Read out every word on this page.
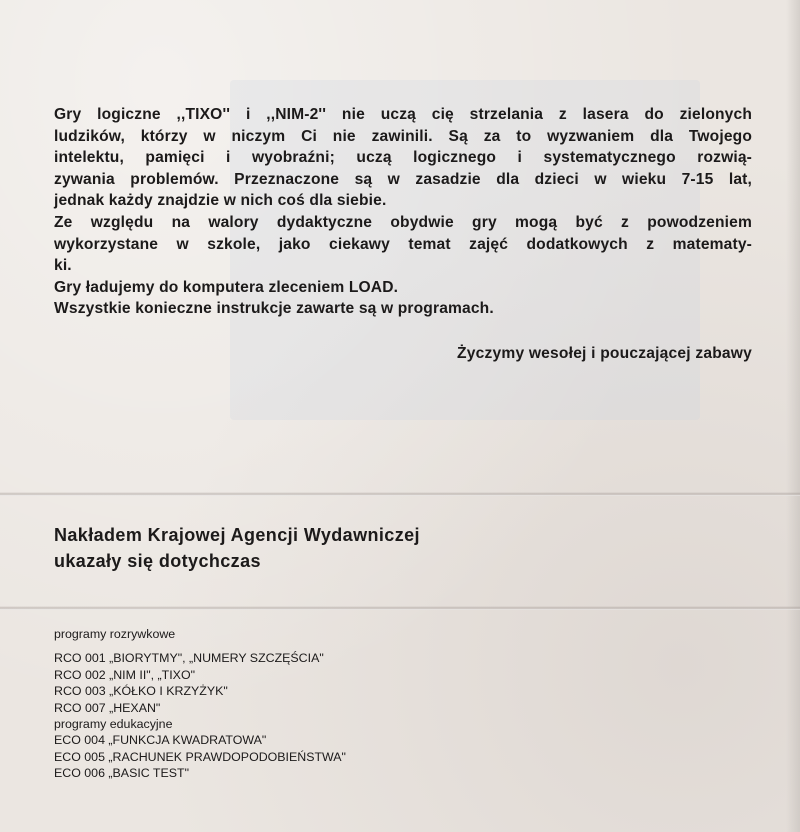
Gry logiczne ,,TIXO'' i ,,NIM-2'' nie uczą cię strzelania z lasera do zielonych

ludzików, którzy w niczym Ci nie zawinili. Są za to wyzwaniem dla Twojego

intelektu, pamięci i wyobraźni; uczą logicznego i systematycznego rozwią-

zywania problemów. Przeznaczone są w zasadzie dla dzieci w wieku 7-15 lat,

jednak każdy znajdzie w nich coś dla siebie.

Ze względu na walory dydaktyczne obydwie gry mogą być z powodzeniem

wykorzystane w szkole, jako ciekawy temat zajęć dodatkowych z matematy-

ki.

Gry ładujemy do komputera zleceniem LOAD.

Wszystkie konieczne instrukcje zawarte są w programach.

Życzymy wesołej i pouczającej zabawy
Nakładem Krajowej Agencji Wydawniczej
ukazały się dotychczas
programy rozrywkowe
RCO 001 „BIORYTMY", „NUMERY SZCZĘŚCIA"
RCO 002 „NIM II", „TIXO"
RCO 003 „KÓŁKO I KRZYŻYK"
RCO 007 „HEXAN"
programy edukacyjne
ECO 004 „FUNKCJA KWADRATOWA"
ECO 005 „RACHUNEK PRAWDOPODOBIEŃSTWA"
ECO 006 „BASIC TEST"
